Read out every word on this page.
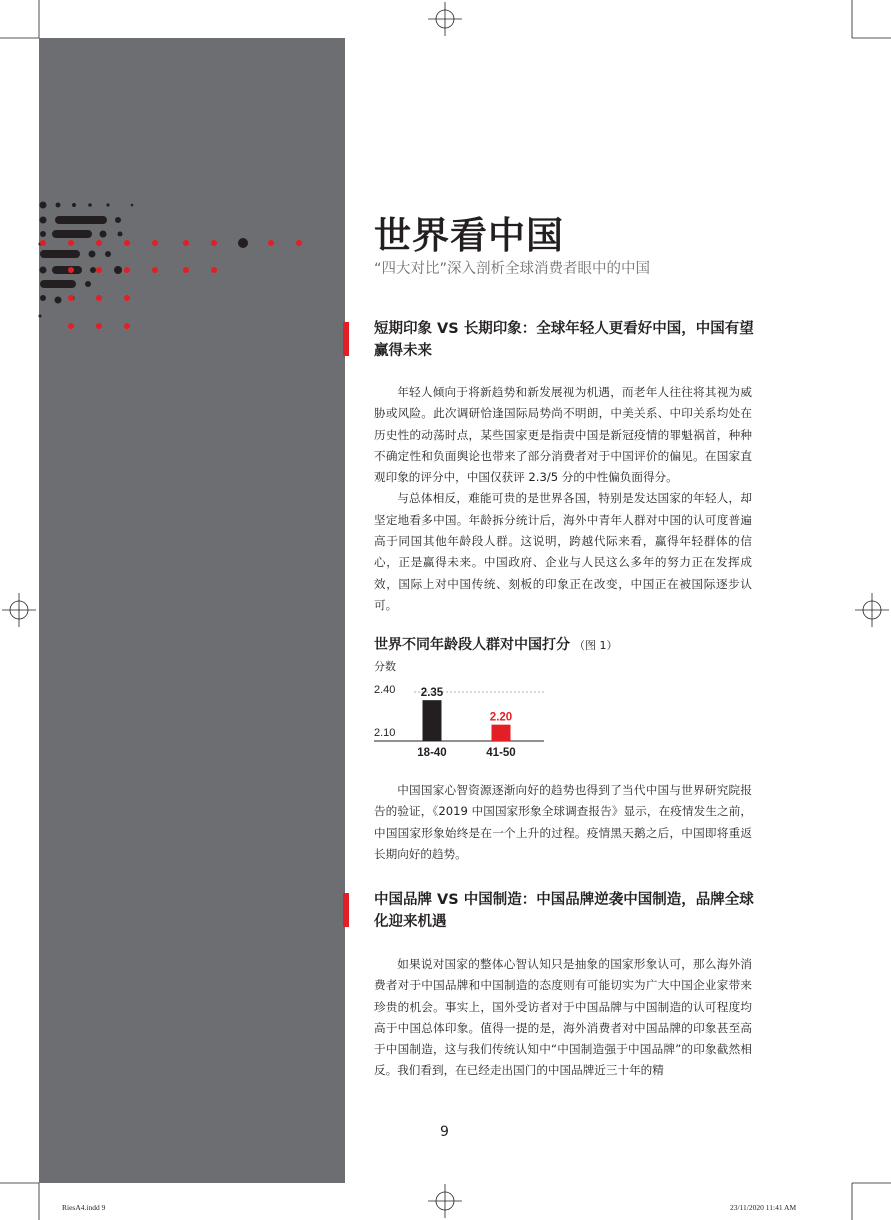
世界看中国

“四大对比”深入剖析全球消费者眼中的中国

短期印象 VS 长期印象：全球年轻人更看好中国，中国有望赢得未来

年轻人倾向于将新趋势和新发展视为机遇，而老年人往往将其视为威胁或风险。此次调研恰逢国际局势尚不明朗，中美关系、中印关系均处在历史性的动荡时点，某些国家更是指责中国是新冠疫情的罪魁祸首，种种不确定性和负面舆论也带来了部分消费者对于中国评价的偏见。在国家直观印象的评分中，中国仅获评 2.3/5 分的中性偏负面得分。

与总体相反，难能可贵的是世界各国，特别是发达国家的年轻人，却坚定地看多中国。年龄拆分统计后，海外中青年人群对中国的认可度普遍高于同国其他年龄段人群。这说明，跨越代际来看，赢得年轻群体的信心，正是赢得未来。中国政府、企业与人民这么多年的努力正在发挥成效，国际上对中国传统、刻板的印象正在改变，中国正在被国际逐步认可。

世界不同年龄段人群对中国打分 （图 1）
分数
2.40
2.10
2.35
18-40
2.20
41-50

中国国家心智资源逐渐向好的趋势也得到了当代中国与世界研究院报告的验证，《2019 中国国家形象全球调查报告》显示，在疫情发生之前，中国国家形象始终是在一个上升的过程。疫情黑天鹅之后，中国即将重返长期向好的趋势。

中国品牌 VS 中国制造：中国品牌逆袭中国制造，品牌全球化迎来机遇

如果说对国家的整体心智认知只是抽象的国家形象认可，那么海外消费者对于中国品牌和中国制造的态度则有可能切实为广大中国企业家带来珍贵的机会。事实上，国外受访者对于中国品牌与中国制造的认可程度均高于中国总体印象。值得一提的是，海外消费者对中国品牌的印象甚至高于中国制造，这与我们传统认知中“中国制造强于中国品牌”的印象截然相反。我们看到，在已经走出国门的中国品牌近三十年的精

9
RiesA4.indd 9	23/11/2020 11:41 AM
